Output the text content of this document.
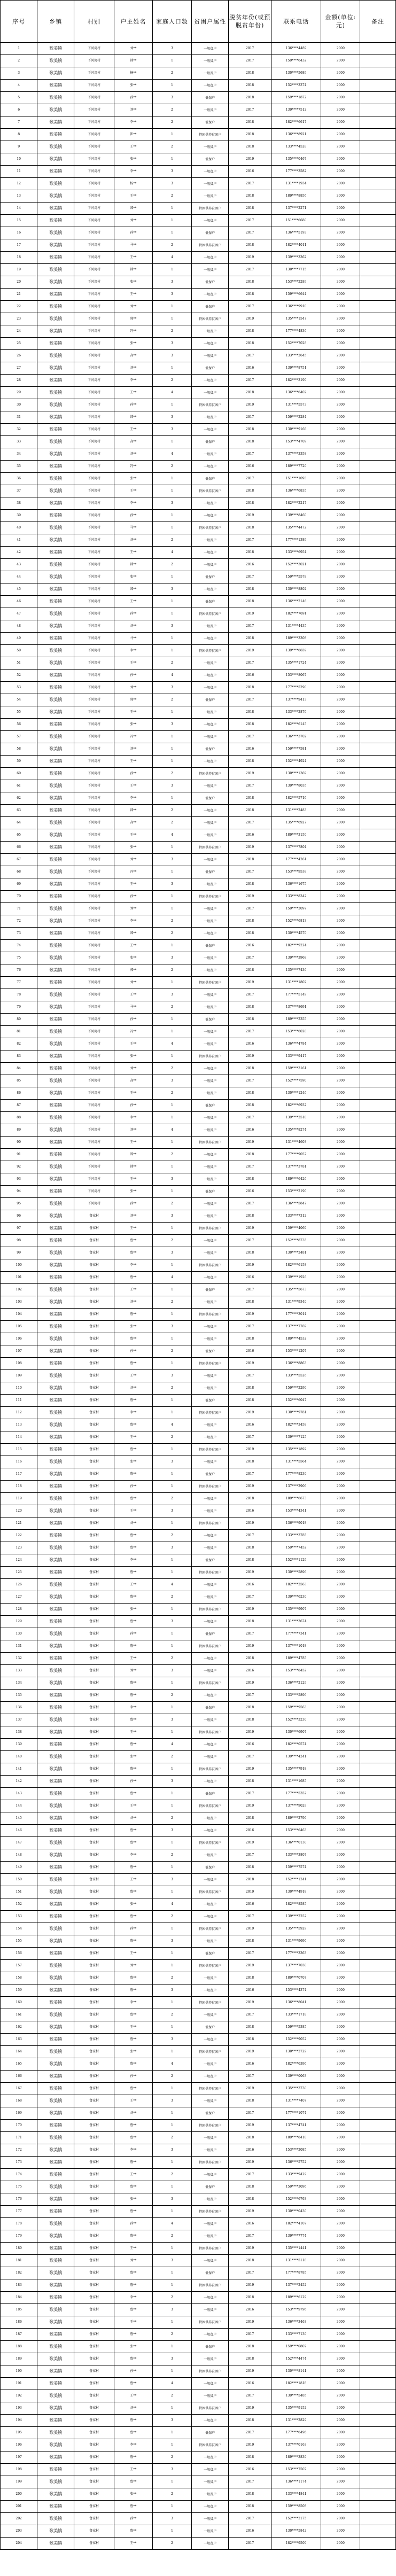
序号	乡镇	村别	户主姓名	家庭人口数	贫困户属性	脱贫年份(或预脱贫年份)	联系电话	金额(单位:元)	备注
1	歌美镇	下河湾村	刘**	3	一般贫户	2017	136****4489	2000	
2	歌美镇	下河湾村	韩**	1	一般贫户	2017	159****6432	2000	
3	歌美镇	下河湾村	杨**	2	一般贫户	2018	130****5689	2000	
4	歌美镇	下河湾村	张**	1	一般贫户	2018	152****3374	2000	
5	歌美镇	下河湾村	孙**	3	低保户	2018	159****1872	2000	
6	歌美镇	下河湾村	刘**	2	一般贫户	2017	139****7512	2000	
7	歌美镇	下河湾村	李**	2	低保户	2018	182****6617	2000	
8	歌美镇	下河湾村	崔**	1	特困供养贫困户	2018	136****8921	2000	
9	歌美镇	下河湾村	王**	2	一般贫户	2018	133****4528	2000	
10	歌美镇	下河湾村	张**	1	低保户	2019	135****0467	2000	
11	歌美镇	下河湾村	李**	3	一般贫户	2016	177****3582	2000	
12	歌美镇	下河湾村	杨**	3	一般贫户	2017	131****1934	2000	
13	歌美镇	下河湾村	王**	2	一般贫户	2018	189****8856	2000	
14	歌美镇	下河湾村	郑**	1	特困供养贫困户	2018	137****2271	2000	
15	歌美镇	下河湾村	刘**	1	一般贫户	2017	151****6680	2000	
16	歌美镇	下河湾村	孙**	1	低保户	2017	136****5193	2000	
17	歌美镇	下河湾村	马**	2	特困供养贫困户	2018	182****4011	2000	
18	歌美镇	下河湾村	王**	4	一般贫户	2019	139****3362	2000	
19	歌美镇	下河湾村	韩**	1	一般贫户	2017	130****7715	2000	
20	歌美镇	下河湾村	张**	3	低保户	2018	153****2289	2000	
21	歌美镇	下河湾村	王**	3	一般贫户	2018	159****6644	2000	
22	歌美镇	下河湾村	刘**	1	低保户	2017	136****9910	2000	
23	歌美镇	下河湾村	郭**	1	特困供养贫困户	2019	135****1547	2000	
24	歌美镇	下河湾村	冯**	2	一般贫户	2018	177****4836	2000	
25	歌美镇	下河湾村	张**	3	一般贫户	2018	152****7028	2000	
26	歌美镇	下河湾村	高**	3	一般贫户	2017	133****2645	2000	
27	歌美镇	下河湾村	刘**	1	低保户	2016	139****8751	2000	
28	歌美镇	下河湾村	李**	2	一般贫户	2017	182****3190	2000	
29	歌美镇	下河湾村	王**	4	一般贫户	2018	136****6402	2000	
30	歌美镇	下河湾村	孙**	1	特困供养贫困户	2019	131****5573	2000	
31	歌美镇	下河湾村	韩**	3	一般贫户	2017	159****2284	2000	
32	歌美镇	下河湾村	王**	3	一般贫户	2018	130****9166	2000	
33	歌美镇	下河湾村	高**	1	低保户	2018	153****4709	2000	
34	歌美镇	下河湾村	刘**	4	一般贫户	2017	137****3358	2000	
35	歌美镇	下河湾村	冯**	2	一般贫户	2016	189****7720	2000	
36	歌美镇	下河湾村	张**	1	低保户	2017	151****1093	2000	
37	歌美镇	下河湾村	王**	1	特困供养贫困户	2018	136****6835	2000	
38	歌美镇	下河湾村	李**	3	一般贫户	2018	182****2217	2000	
39	歌美镇	下河湾村	孙**	1	一般贫户	2019	139****8460	2000	
40	歌美镇	下河湾村	马**	1	特困供养贫困户	2018	135****4472	2000	
41	歌美镇	下河湾村	刘**	2	一般贫户	2017	177****1389	2000	
42	歌美镇	下河湾村	王**	4	一般贫户	2018	133****6954	2000	
43	歌美镇	下河湾村	韩**	2	一般贫户	2016	152****3021	2000	
44	歌美镇	下河湾村	张**	1	低保户	2017	159****5578	2000	
45	歌美镇	下河湾村	郑**	3	一般贫户	2018	130****8802	2000	
46	歌美镇	下河湾村	王**	1	低保户	2018	136****2146	2000	
47	歌美镇	下河湾村	孙**	1	特困供养贫困户	2019	182****7691	2000	
48	歌美镇	下河湾村	刘**	3	一般贫户	2017	131****4435	2000	
49	歌美镇	下河湾村	马**	1	一般贫户	2018	189****3308	2000	
50	歌美镇	下河湾村	李**	1	特困供养贫困户	2019	139****6659	2000	
51	歌美镇	下河湾村	王**	2	一般贫户	2017	135****1724	2000	
52	歌美镇	下河湾村	孙**	4	一般贫户	2016	153****8067	2000	
53	歌美镇	下河湾村	刘**	3	一般贫户	2018	177****5290	2000	
54	歌美镇	下河湾村	郭**	2	低保户	2017	137****9413	2000	
55	歌美镇	下河湾村	王**	1	一般贫户	2018	133****2876	2000	
56	歌美镇	下河湾村	张**	3	一般贫户	2018	182****6145	2000	
57	歌美镇	下河湾村	冯**	1	一般贫户	2017	136****3702	2000	
58	歌美镇	下河湾村	刘**	1	低保户	2016	159****7581	2000	
59	歌美镇	下河湾村	王**	1	一般贫户	2018	152****4924	2000	
60	歌美镇	下河湾村	孙**	2	特困供养贫困户	2019	130****1369	2000	
61	歌美镇	下河湾村	王**	3	一般贫户	2017	139****8035	2000	
62	歌美镇	下河湾村	李**	1	低保户	2018	182****5716	2000	
63	歌美镇	下河湾村	韩**	2	一般贫户	2018	131****2483	2000	
64	歌美镇	下河湾村	高**	2	一般贫户	2017	135****6927	2000	
65	歌美镇	下河湾村	王**	4	一般贫户	2016	189****3150	2000	
66	歌美镇	下河湾村	张**	1	特困供养贫困户	2019	137****7804	2000	
67	歌美镇	下河湾村	刘**	3	一般贫户	2018	177****4261	2000	
68	歌美镇	下河湾村	冯**	1	低保户	2017	153****9538	2000	
69	歌美镇	下河湾村	王**	3	一般贫户	2018	136****1675	2000	
70	歌美镇	下河湾村	孙**	1	特困供养贫困户	2019	133****8342	2000	
71	歌美镇	下河湾村	刘**	1	一般贫户	2017	159****2097	2000	
72	歌美镇	下河湾村	李**	2	一般贫户	2018	152****6813	2000	
73	歌美镇	下河湾村	郑**	2	一般贫户	2018	130****4570	2000	
74	歌美镇	下河湾村	王**	1	低保户	2016	182****9224	2000	
75	歌美镇	下河湾村	张**	3	一般贫户	2017	139****3968	2000	
76	歌美镇	下河湾村	郭**	2	一般贫户	2018	135****7436	2000	
77	歌美镇	下河湾村	刘**	1	特困供养贫困户	2019	131****1802	2000	
78	歌美镇	下河湾村	王**	3	一般贫户	2017	177****5149	2000	
79	歌美镇	下河湾村	马**	2	一般贫户	2018	137****8691	2000	
80	歌美镇	下河湾村	孙**	1	低保户	2018	189****2355	2000	
81	歌美镇	下河湾村	冯**	1	一般贫户	2017	153****6028	2000	
82	歌美镇	下河湾村	王**	4	一般贫户	2016	136****4784	2000	
83	歌美镇	下河湾村	张**	1	特困供养贫困户	2019	133****9417	2000	
84	歌美镇	下河湾村	刘**	2	一般贫户	2018	159****3161	2000	
85	歌美镇	下河湾村	高**	3	一般贫户	2017	152****7590	2000	
86	歌美镇	下河湾村	王**	2	一般贫户	2018	130****1246	2000	
87	歌美镇	下河湾村	孙**	1	低保户	2018	182****6932	2000	
88	歌美镇	下河湾村	李**	1	一般贫户	2017	139****2518	2000	
89	歌美镇	下河湾村	刘**	4	一般贫户	2016	135****8274	2000	
90	歌美镇	下河湾村	王**	1	特困供养贫困户	2019	131****4603	2000	
91	歌美镇	下河湾村	郑**	2	一般贫户	2018	177****9057	2000	
92	歌美镇	下河湾村	韩**	1	一般贫户	2017	137****3781	2000	
93	歌美镇	下河湾村	王**	3	一般贫户	2018	189****6426	2000	
94	歌美镇	下河湾村	张**	1	低保户	2016	153****2190	2000	
95	歌美镇	下河湾村	孙**	2	一般贫户	2017	136****5847	2000	
96	歌美镇	鲁家村	刘**	3	一般贫户	2018	133****7312	2000	
97	歌美镇	鲁家村	王**	1	特困供养贫困户	2019	159****4069	2000	
98	歌美镇	鲁家村	鲁**	2	一般贫户	2017	152****8735	2000	
99	歌美镇	鲁家村	鲁**	3	一般贫户	2018	130****2481	2000	
100	歌美镇	鲁家村	李**	1	特困供养贫困户	2019	182****6158	2000	
101	歌美镇	鲁家村	鲁**	4	一般贫户	2016	139****1926	2000	
102	歌美镇	鲁家村	王**	1	低保户	2017	135****5673	2000	
103	歌美镇	鲁家村	刘**	2	一般贫户	2018	131****9340	2000	
104	歌美镇	鲁家村	鲁**	1	特困供养贫困户	2019	177****3014	2000	
105	歌美镇	鲁家村	张**	3	一般贫户	2017	137****7769	2000	
106	歌美镇	鲁家村	鲁**	1	一般贫户	2018	189****4532	2000	
107	歌美镇	鲁家村	孙**	2	低保户	2016	153****1207	2000	
108	歌美镇	鲁家村	鲁**	1	特困供养贫困户	2019	136****8863	2000	
109	歌美镇	鲁家村	王**	3	一般贫户	2017	133****5526	2000	
110	歌美镇	鲁家村	刘**	2	一般贫户	2018	159****2290	2000	
111	歌美镇	鲁家村	鲁**	1	低保户	2018	152****6047	2000	
112	歌美镇	鲁家村	李**	1	特困供养贫困户	2019	130****9781	2000	
113	歌美镇	鲁家村	鲁**	4	一般贫户	2016	182****3458	2000	
114	歌美镇	鲁家村	王**	2	一般贫户	2017	139****7125	2000	
115	歌美镇	鲁家村	鲁**	1	特困供养贫困户	2019	135****1892	2000	
116	歌美镇	鲁家村	张**	3	一般贫户	2018	131****5564	2000	
117	歌美镇	鲁家村	鲁**	1	低保户	2017	177****8230	2000	
118	歌美镇	鲁家村	孙**	1	特困供养贫困户	2019	137****2906	2000	
119	歌美镇	鲁家村	鲁**	2	一般贫户	2018	189****6673	2000	
120	歌美镇	鲁家村	王**	3	一般贫户	2016	153****4341	2000	
121	歌美镇	鲁家村	刘**	1	特困供养贫困户	2019	136****9018	2000	
122	歌美镇	鲁家村	鲁**	2	一般贫户	2017	133****3785	2000	
123	歌美镇	鲁家村	鲁**	3	一般贫户	2018	159****7452	2000	
124	歌美镇	鲁家村	李**	1	低保户	2018	152****1129	2000	
125	歌美镇	鲁家村	鲁**	1	特困供养贫困户	2019	130****5896	2000	
126	歌美镇	鲁家村	王**	4	一般贫户	2016	182****2563	2000	
127	歌美镇	鲁家村	鲁**	2	一般贫户	2017	139****6230	2000	
128	歌美镇	鲁家村	张**	1	特困供养贫困户	2019	135****9907	2000	
129	歌美镇	鲁家村	鲁**	3	一般贫户	2018	131****3674	2000	
130	歌美镇	鲁家村	孙**	1	低保户	2017	177****7341	2000	
131	歌美镇	鲁家村	鲁**	1	特困供养贫困户	2019	137****1018	2000	
132	歌美镇	鲁家村	王**	2	一般贫户	2018	189****4785	2000	
133	歌美镇	鲁家村	刘**	3	一般贫户	2016	153****8452	2000	
134	歌美镇	鲁家村	鲁**	1	特困供养贫困户	2019	136****2129	2000	
135	歌美镇	鲁家村	鲁**	2	一般贫户	2017	133****5896	2000	
136	歌美镇	鲁家村	李**	1	低保户	2018	159****9563	2000	
137	歌美镇	鲁家村	鲁**	3	一般贫户	2018	152****3230	2000	
138	歌美镇	鲁家村	王**	1	特困供养贫困户	2019	130****6907	2000	
139	歌美镇	鲁家村	鲁**	4	一般贫户	2016	182****0574	2000	
140	歌美镇	鲁家村	张**	2	一般贫户	2017	139****4241	2000	
141	歌美镇	鲁家村	鲁**	1	特困供养贫困户	2019	135****7918	2000	
142	歌美镇	鲁家村	孙**	3	一般贫户	2018	131****1685	2000	
143	歌美镇	鲁家村	鲁**	1	低保户	2017	177****5352	2000	
144	歌美镇	鲁家村	王**	1	特困供养贫困户	2019	137****9029	2000	
145	歌美镇	鲁家村	刘**	2	一般贫户	2018	189****2796	2000	
146	歌美镇	鲁家村	鲁**	3	一般贫户	2016	153****6463	2000	
147	歌美镇	鲁家村	鲁**	1	特困供养贫困户	2019	136****0130	2000	
148	歌美镇	鲁家村	李**	2	一般贫户	2017	133****3807	2000	
149	歌美镇	鲁家村	鲁**	1	低保户	2018	159****7574	2000	
150	歌美镇	鲁家村	王**	3	一般贫户	2018	152****1241	2000	
151	歌美镇	鲁家村	鲁**	1	特困供养贫困户	2019	130****4918	2000	
152	歌美镇	鲁家村	张**	4	一般贫户	2016	182****8585	2000	
153	歌美镇	鲁家村	鲁**	2	一般贫户	2017	139****2252	2000	
154	歌美镇	鲁家村	孙**	1	特困供养贫困户	2019	135****5929	2000	
155	歌美镇	鲁家村	鲁**	3	一般贫户	2018	131****9696	2000	
156	歌美镇	鲁家村	王**	1	低保户	2017	177****3363	2000	
157	歌美镇	鲁家村	刘**	1	特困供养贫困户	2019	137****7030	2000	
158	歌美镇	鲁家村	鲁**	2	一般贫户	2018	189****0707	2000	
159	歌美镇	鲁家村	鲁**	3	一般贫户	2016	153****4374	2000	
160	歌美镇	鲁家村	李**	1	特困供养贫困户	2019	136****8041	2000	
161	歌美镇	鲁家村	鲁**	2	一般贫户	2017	133****1718	2000	
162	歌美镇	鲁家村	王**	1	低保户	2018	159****5385	2000	
163	歌美镇	鲁家村	鲁**	3	一般贫户	2018	152****9052	2000	
164	歌美镇	鲁家村	张**	1	特困供养贫困户	2019	130****2729	2000	
165	歌美镇	鲁家村	鲁**	4	一般贫户	2016	182****6396	2000	
166	歌美镇	鲁家村	孙**	2	一般贫户	2017	139****0063	2000	
167	歌美镇	鲁家村	鲁**	1	特困供养贫困户	2019	135****3730	2000	
168	歌美镇	鲁家村	王**	3	一般贫户	2018	131****7407	2000	
169	歌美镇	鲁家村	刘**	1	低保户	2017	177****1074	2000	
170	歌美镇	鲁家村	鲁**	1	特困供养贫困户	2019	137****4741	2000	
171	歌美镇	鲁家村	鲁**	2	一般贫户	2018	189****8418	2000	
172	歌美镇	鲁家村	李**	3	一般贫户	2016	153****2085	2000	
173	歌美镇	鲁家村	鲁**	1	特困供养贫困户	2019	136****5752	2000	
174	歌美镇	鲁家村	王**	2	一般贫户	2017	133****9429	2000	
175	歌美镇	鲁家村	鲁**	1	低保户	2018	159****3096	2000	
176	歌美镇	鲁家村	张**	3	一般贫户	2018	152****6763	2000	
177	歌美镇	鲁家村	鲁**	1	特困供养贫困户	2019	130****0430	2000	
178	歌美镇	鲁家村	孙**	4	一般贫户	2016	182****4107	2000	
179	歌美镇	鲁家村	鲁**	2	一般贫户	2017	139****7774	2000	
180	歌美镇	鲁家村	王**	1	特困供养贫困户	2019	135****1441	2000	
181	歌美镇	鲁家村	刘**	3	一般贫户	2018	131****5118	2000	
182	歌美镇	鲁家村	鲁**	1	低保户	2017	177****8785	2000	
183	歌美镇	鲁家村	鲁**	1	特困供养贫困户	2019	137****2452	2000	
184	歌美镇	鲁家村	李**	2	一般贫户	2018	189****6129	2000	
185	歌美镇	鲁家村	鲁**	3	一般贫户	2016	153****9796	2000	
186	歌美镇	鲁家村	王**	1	特困供养贫困户	2019	136****3463	2000	
187	歌美镇	鲁家村	鲁**	2	一般贫户	2017	133****7130	2000	
188	歌美镇	鲁家村	张**	1	低保户	2018	159****0807	2000	
189	歌美镇	鲁家村	鲁**	3	一般贫户	2018	152****4474	2000	
190	歌美镇	鲁家村	孙**	1	特困供养贫困户	2019	130****8141	2000	
191	歌美镇	鲁家村	鲁**	4	一般贫户	2016	182****1818	2000	
192	歌美镇	鲁家村	王**	2	一般贫户	2017	139****5485	2000	
193	歌美镇	鲁家村	刘**	1	特困供养贫困户	2019	135****9152	2000	
194	歌美镇	鲁家村	鲁**	3	一般贫户	2018	131****2829	2000	
195	歌美镇	鲁家村	鲁**	1	低保户	2017	177****6496	2000	
196	歌美镇	鲁家村	李**	1	特困供养贫困户	2019	137****0163	2000	
197	歌美镇	鲁家村	鲁**	2	一般贫户	2018	189****3830	2000	
198	歌美镇	鲁家村	王**	3	一般贫户	2016	153****7507	2000	
199	歌美镇	鲁家村	鲁**	1	一般贫户	2017	136****1174	2000	
200	歌美镇	鲁家村	张**	2	一般贫户	2018	133****4841	2000	
201	歌美镇	鲁家村	鲁**	1	一般贫户	2018	159****8508	2000	
202	歌美镇	鲁家村	孙**	3	一般贫户	2017	152****2175	2000	
203	歌美镇	鲁家村	鲁**	1	一般贫户	2016	130****5842	2000	
204	歌美镇	鲁家村	王**	2	一般贫户	2017	182****9509	2000	
